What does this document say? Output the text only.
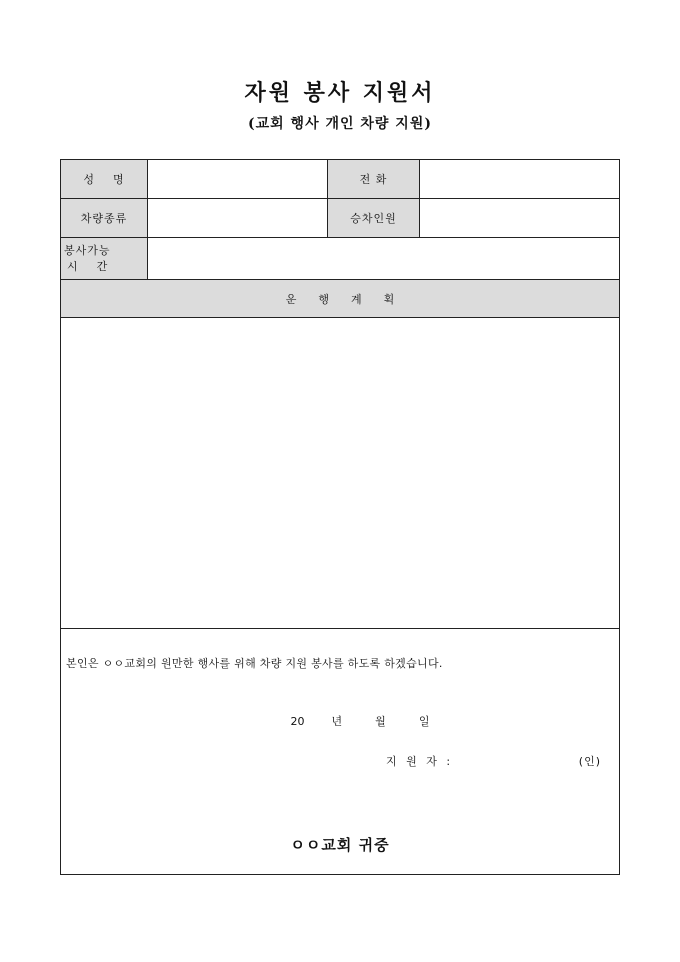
자원 봉사 지원서
(교회 행사 개인 차량 지원)
성    명	전 화
차량종류	승차인원
봉사가능
시간
운행계획
본인은 ㅇㅇ교회의 원만한 행사를 위해 차량 지원 봉사를 하도록 하겠습니다.
20 년	월	일
지 원 자 :	(인)
ㅇㅇ교회 귀중
